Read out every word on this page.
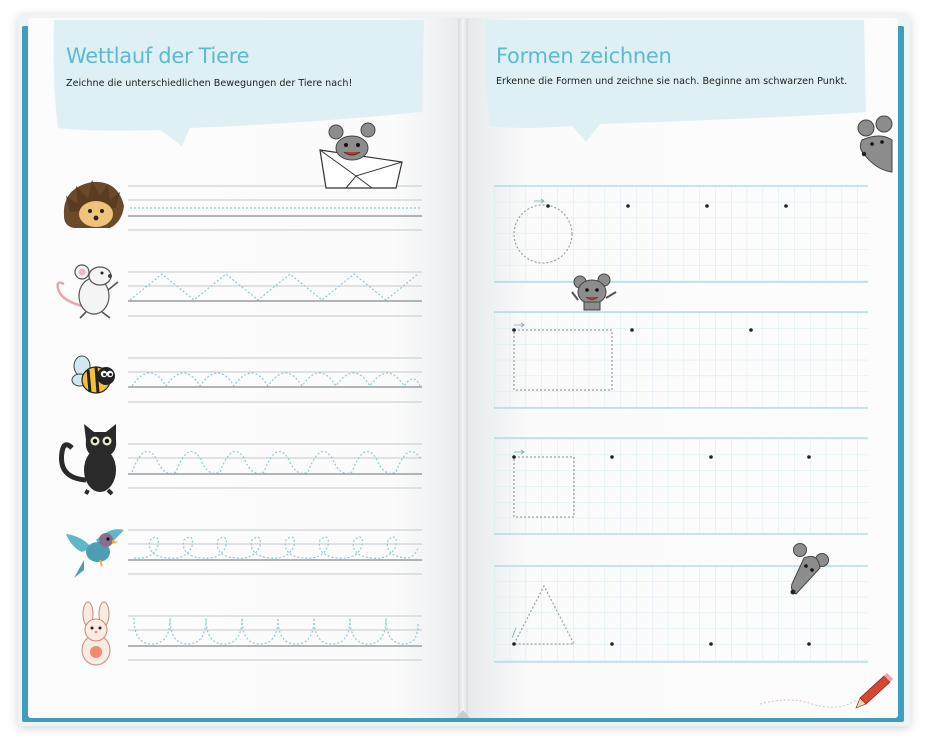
Wettlauf der Tiere
Zeichne die unterschiedlichen Bewegungen der Tiere nach!
Formen zeichnen
Erkenne die Formen und zeichne sie nach. Beginne am schwarzen Punkt.
